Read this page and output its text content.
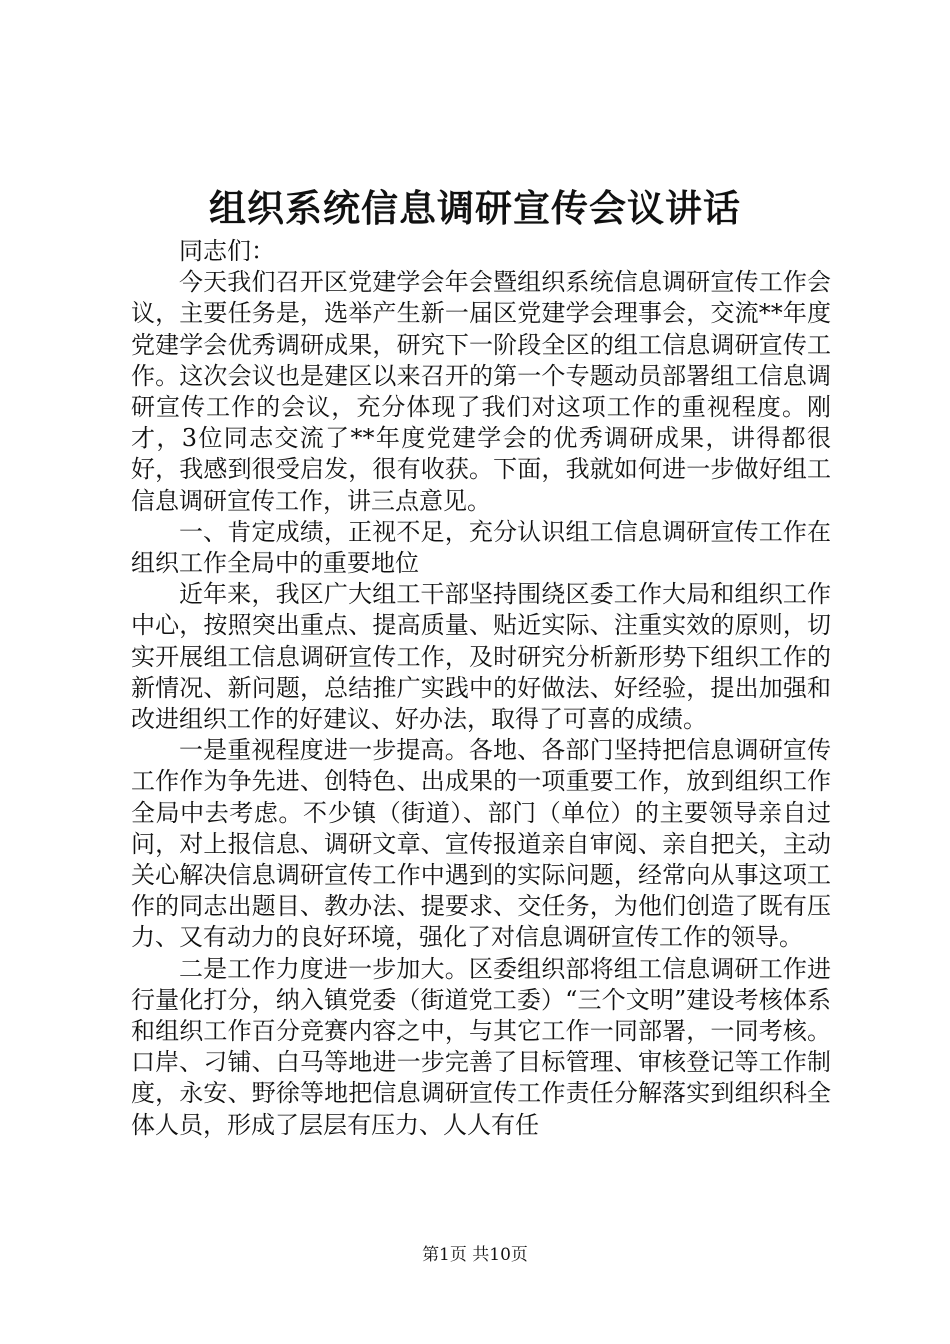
组织系统信息调研宣传会议讲话

同志们：

今天我们召开区党建学会年会暨组织系统信息调研宣传工作会议，主要任务是，选举产生新一届区党建学会理事会，交流**年度党建学会优秀调研成果，研究下一阶段全区的组工信息调研宣传工作。这次会议也是建区以来召开的第一个专题动员部署组工信息调研宣传工作的会议，充分体现了我们对这项工作的重视程度。刚才，3位同志交流了**年度党建学会的优秀调研成果，讲得都很好，我感到很受启发，很有收获。下面，我就如何进一步做好组工信息调研宣传工作，讲三点意见。

一、肯定成绩，正视不足，充分认识组工信息调研宣传工作在组织工作全局中的重要地位

近年来，我区广大组工干部坚持围绕区委工作大局和组织工作中心，按照突出重点、提高质量、贴近实际、注重实效的原则，切实开展组工信息调研宣传工作，及时研究分析新形势下组织工作的新情况、新问题，总结推广实践中的好做法、好经验，提出加强和改进组织工作的好建议、好办法，取得了可喜的成绩。

一是重视程度进一步提高。各地、各部门坚持把信息调研宣传工作作为争先进、创特色、出成果的一项重要工作，放到组织工作全局中去考虑。不少镇（街道）、部门（单位）的主要领导亲自过问，对上报信息、调研文章、宣传报道亲自审阅、亲自把关，主动关心解决信息调研宣传工作中遇到的实际问题，经常向从事这项工作的同志出题目、教办法、提要求、交任务，为他们创造了既有压力、又有动力的良好环境，强化了对信息调研宣传工作的领导。

二是工作力度进一步加大。区委组织部将组工信息调研工作进行量化打分，纳入镇党委（街道党工委）“三个文明”建设考核体系和组织工作百分竞赛内容之中，与其它工作一同部署，一同考核。口岸、刁铺、白马等地进一步完善了目标管理、审核登记等工作制度，永安、野徐等地把信息调研宣传工作责任分解落实到组织科全体人员，形成了层层有压力、人人有任

第1页 共10页
